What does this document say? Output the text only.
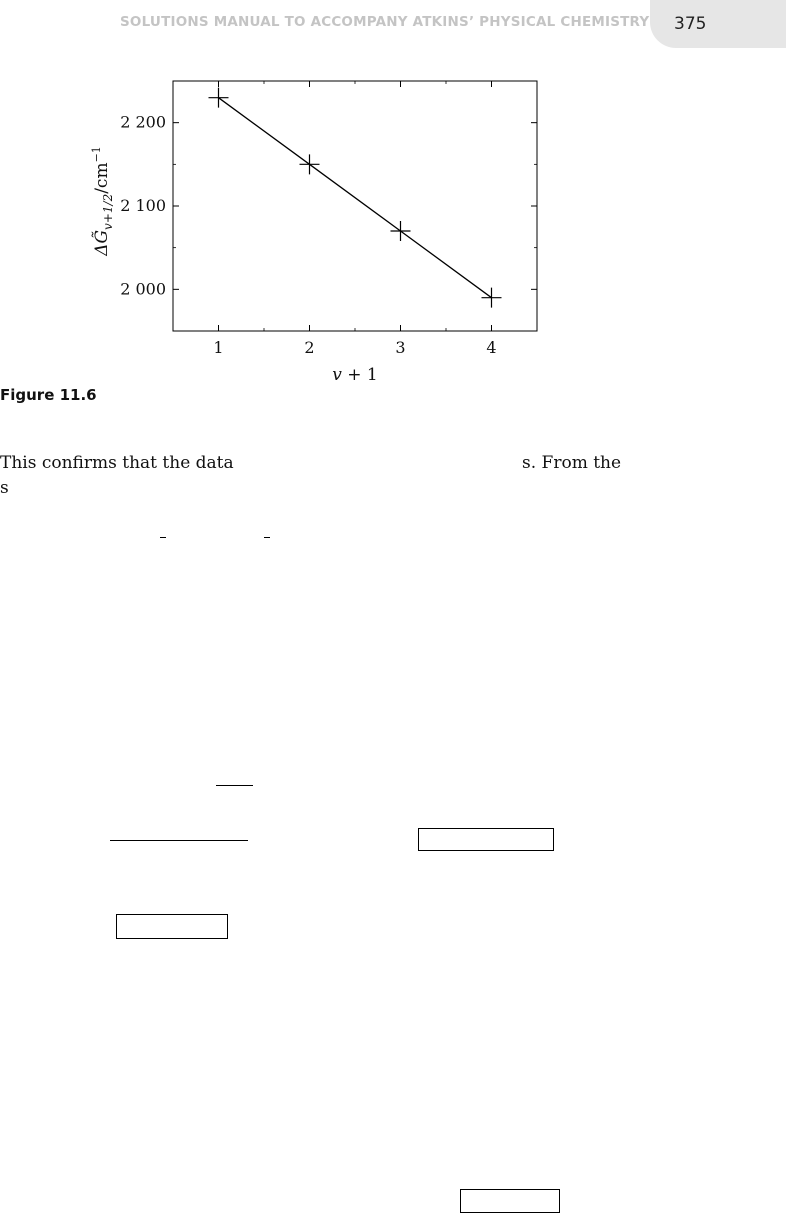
SOLUTIONS MANUAL TO ACCOMPANY ATKINS’ PHYSICAL CHEMISTRY 375
1	2	3	4
2 000
2 100
2 200
v + 1
$\Delta G̃_{v+1/2}/cm^{-1}$
Figure 11.6
This confirms that the data	s. From the
s
